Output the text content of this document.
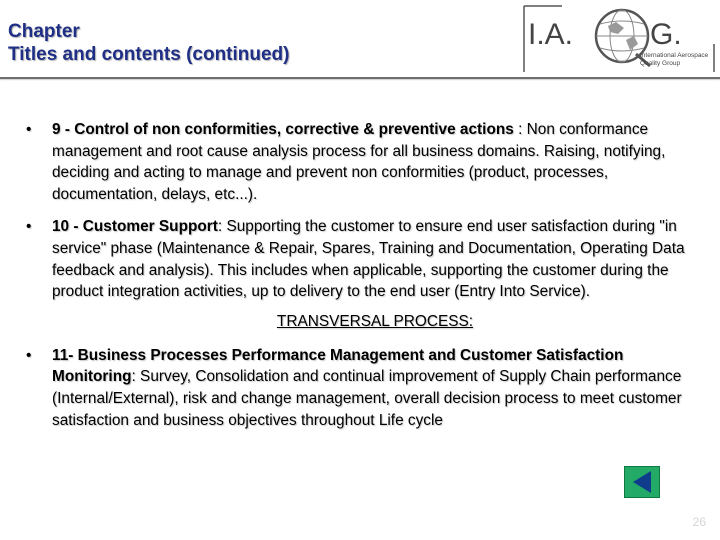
Chapter
Titles and contents (continued)
I.A.	G.
International Aerospace
Quality Group

• 9 - Control of non conformities, corrective & preventive actions : Non conformance management and root cause analysis process for all business domains. Raising, notifying, deciding and acting to manage and prevent non conformities (product, processes, documentation, delays, etc...).

• 10 - Customer Support: Supporting the customer to ensure end user satisfaction during "in service" phase (Maintenance & Repair, Spares, Training and Documentation, Operating Data feedback and analysis). This includes when applicable, supporting the customer during the product integration activities, up to delivery to the end user (Entry Into Service).

TRANSVERSAL PROCESS:

• 11- Business Processes Performance Management and Customer Satisfaction Monitoring: Survey, Consolidation and continual improvement of Supply Chain performance (Internal/External), risk and change management, overall decision process to meet customer satisfaction and business objectives throughout Life cycle

26
